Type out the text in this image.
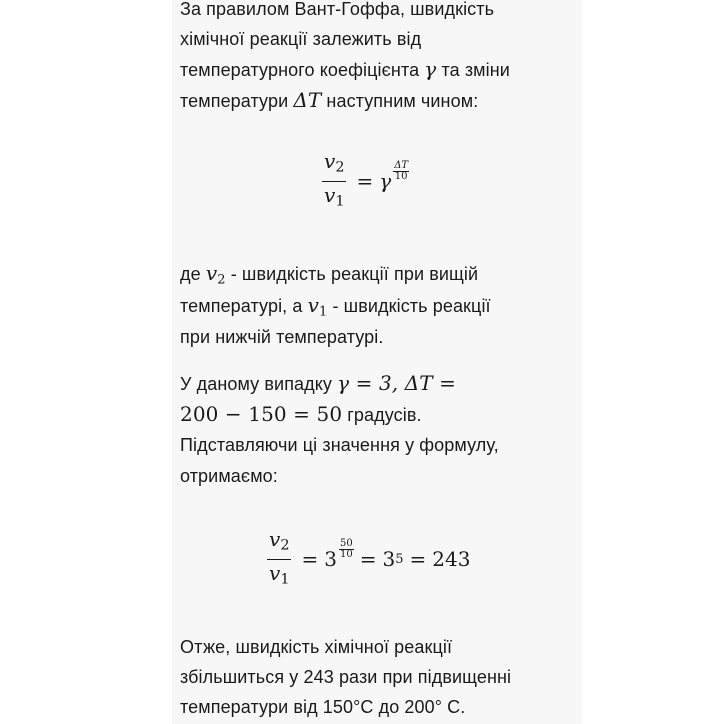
За правилом Вант-Гоффа, швидкість
хімічної реакції залежить від
температурного коефіцієнта γ та зміни
температури ΔT наступним чином:
$\frac{v_2}{v_1} = \gamma$
ΔT
10
де $v_2$ - швидкість реакції при вищій
температурі, а $v_1$ - швидкість реакції
при нижчій температурі.
У даному випадку γ = 3, ΔT =
200 − 150 = 50 градусів.
Підставляючи ці значення у формулу,
отримаємо:
$\frac{v_2}{v_1} = 3 \frac{50}{10} = 3$ 5 = 243
Отже, швидкість хімічної реакції
збільшиться у 243 рази при підвищенні
температури від 150°C до 200° C.
